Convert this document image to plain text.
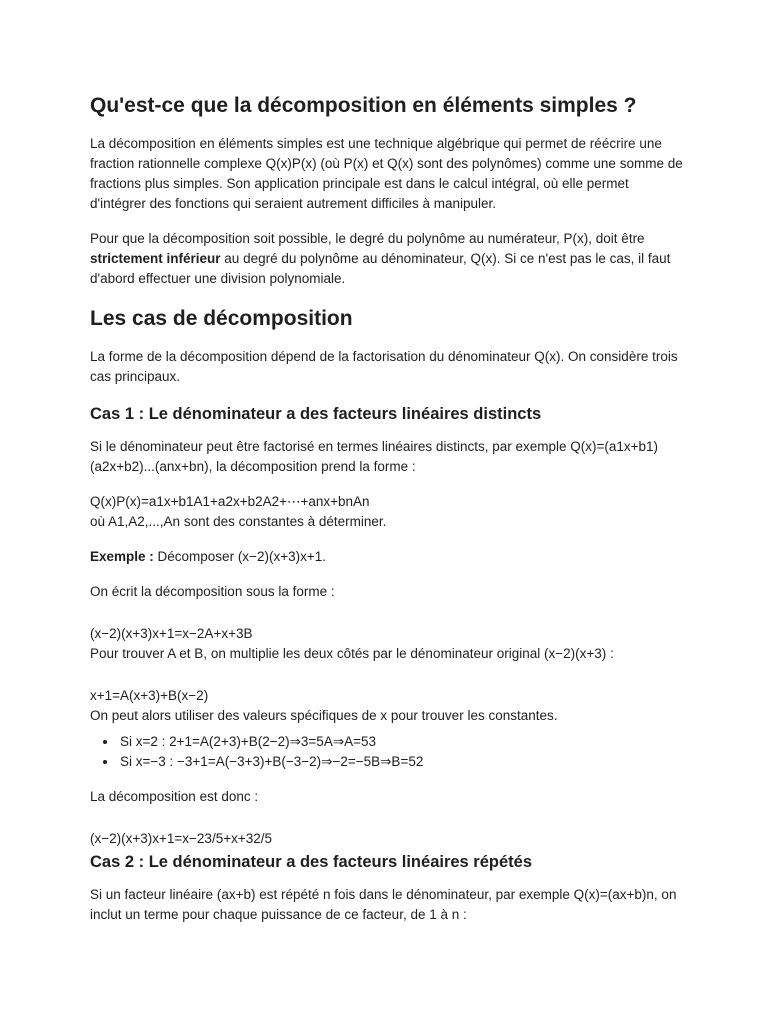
Qu'est-ce que la décomposition en éléments simples ?

La décomposition en éléments simples est une technique algébrique qui permet de réécrire une fraction rationnelle complexe Q(x)P(x) (où P(x) et Q(x) sont des polynômes) comme une somme de fractions plus simples. Son application principale est dans le calcul intégral, où elle permet d'intégrer des fonctions qui seraient autrement difficiles à manipuler.

Pour que la décomposition soit possible, le degré du polynôme au numérateur, P(x), doit être strictement inférieur au degré du polynôme au dénominateur, Q(x). Si ce n'est pas le cas, il faut d'abord effectuer une division polynomiale.

Les cas de décomposition

La forme de la décomposition dépend de la factorisation du dénominateur Q(x). On considère trois cas principaux.

Cas 1 : Le dénominateur a des facteurs linéaires distincts

Si le dénominateur peut être factorisé en termes linéaires distincts, par exemple Q(x)=(a1x+b1)(a2x+b2)...(anx+bn), la décomposition prend la forme :

Q(x)P(x)=a1x+b1A1+a2x+b2A2+⋯+anx+bnAn
où A1,A2,...,An sont des constantes à déterminer.

Exemple : Décomposer (x−2)(x+3)x+1.

On écrit la décomposition sous la forme :

(x−2)(x+3)x+1=x−2A+x+3B
Pour trouver A et B, on multiplie les deux côtés par le dénominateur original (x−2)(x+3) :
x+1=A(x+3)+B(x−2)
On peut alors utiliser des valeurs spécifiques de x pour trouver les constantes.
• Si x=2 : 2+1=A(2+3)+B(2−2)⇒3=5A⇒A=53
• Si x=−3 : −3+1=A(−3+3)+B(−3−2)⇒−2=−5B⇒B=52

La décomposition est donc :

(x−2)(x+3)x+1=x−23/5+x+32/5
Cas 2 : Le dénominateur a des facteurs linéaires répétés

Si un facteur linéaire (ax+b) est répété n fois dans le dénominateur, par exemple Q(x)=(ax+b)n, on inclut un terme pour chaque puissance de ce facteur, de 1 à n :
